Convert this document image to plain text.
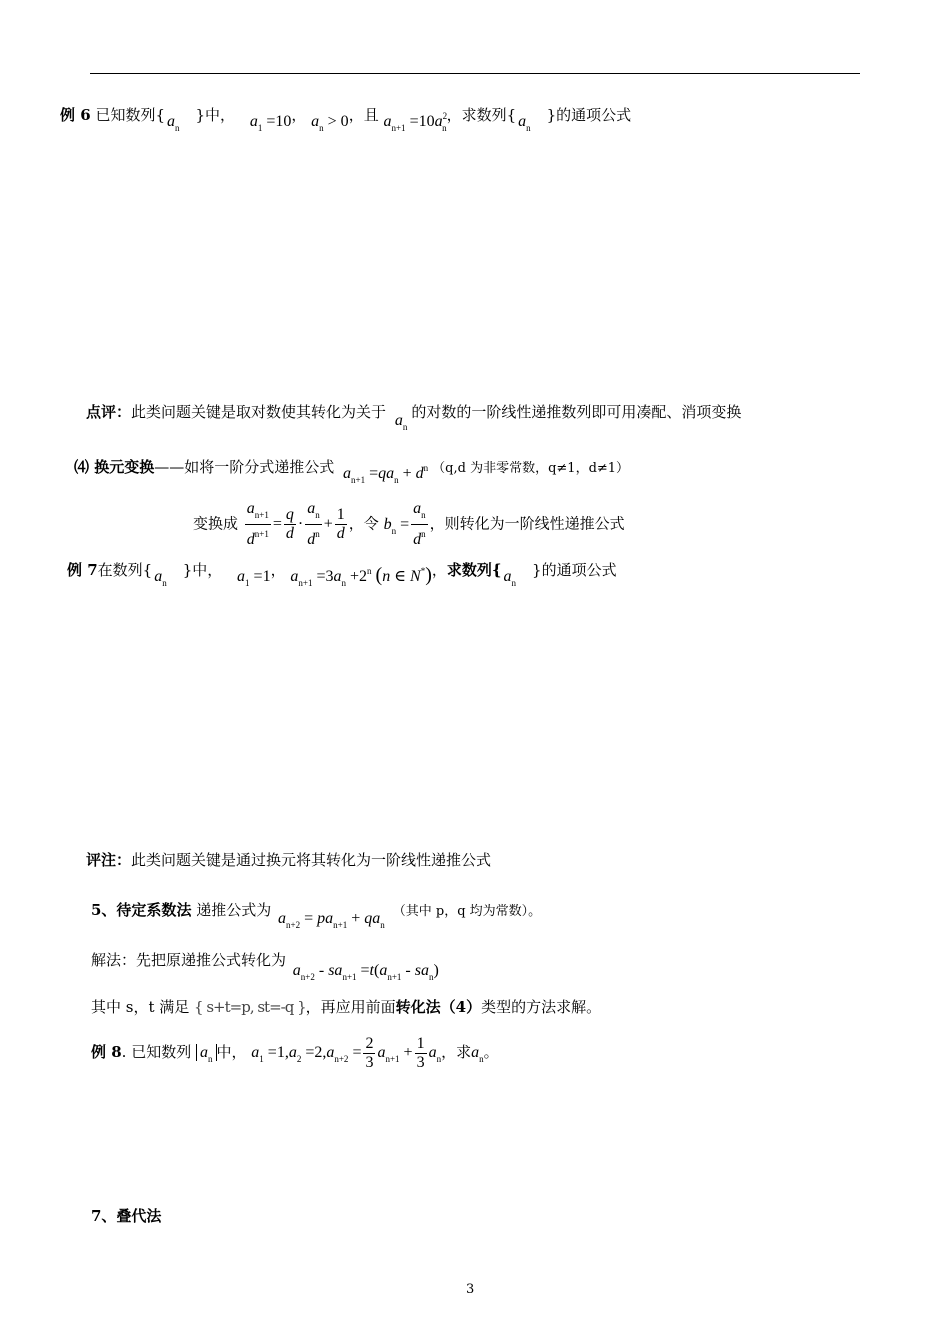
例 6 已知数列{ $a_n$}中， $a_1 =10$， $a_n > 0$，且 $a_{n+1} =10a^2_n$，求数列{ $a_n$}的通项公式
点评：此类问题关键是取对数使其转化为关于 $a_n$的对数的一阶线性递推数列即可用凑配、消项变换
⑷ 换元变换——如将一阶分式递推公式 $a_{n+1} =qa_n + d^n$ （q,d 为非零常数，q≠1，d≠1）
变换成 $\frac{a_{n+1}}{d^{n+1}} = \frac{q}{d} \cdot \frac{a_n}{d^n} + \frac{1}{d}$ ，令 $b_n = \frac{a_n}{d^n}$ ，则转化为一阶线性递推公式
例 7在数列{ $a_n$}中， $a_1 =1$， $a_{n+1} =3a_n +2^n$ (n ∈ N*)，求数列{ $a_n$}的通项公式
评注：此类问题关键是通过换元将其转化为一阶线性递推公式
5、待定系数法 递推公式为 $a_{n+2} = pa_{n+1} + qa_n$（其中 p，q 均为常数）。
解法：先把原递推公式转化为 $a_{n+2} - sa_{n+1} =t(a_{n+1} - sa_n)$
其中 s，t 满足 { s+t=p, st=-q }，再应用前面转化法（4）类型的方法求解。
例 8. 已知数列 $a_n$ 中， $a_1 =1,a_2 =2,a_{n+2} = \frac{2}{3} a_{n+1} + \frac{1}{3} a_n$，求$a_n$。
7、叠代法
3
